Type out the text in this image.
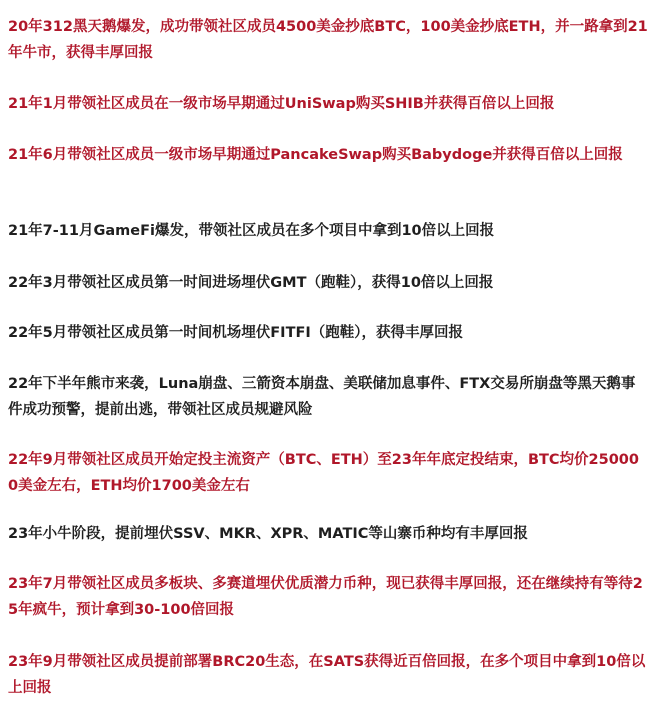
20年312黑天鹅爆发，成功带领社区成员4500美金抄底BTC，100美金抄底ETH，并一路拿到21年牛市，获得丰厚回报

21年1月带领社区成员在一级市场早期通过UniSwap购买SHIB并获得百倍以上回报

21年6月带领社区成员一级市场早期通过PancakeSwap购买Babydoge并获得百倍以上回报

21年7-11月GameFi爆发，带领社区成员在多个项目中拿到10倍以上回报

22年3月带领社区成员第一时间进场埋伏GMT（跑鞋），获得10倍以上回报

22年5月带领社区成员第一时间机场埋伏FITFI（跑鞋），获得丰厚回报

22年下半年熊市来袭，Luna崩盘、三箭资本崩盘、美联储加息事件、FTX交易所崩盘等黑天鹅事件成功预警，提前出逃，带领社区成员规避风险

22年9月带领社区成员开始定投主流资产（BTC、ETH）至23年年底定投结束，BTC均价250000美金左右，ETH均价1700美金左右

23年小牛阶段，提前埋伏SSV、MKR、XPR、MATIC等山寨币种均有丰厚回报

23年7月带领社区成员多板块、多赛道埋伏优质潜力币种，现已获得丰厚回报，还在继续持有等待25年疯牛，预计拿到30-100倍回报

23年9月带领社区成员提前部署BRC20生态，在SATS获得近百倍回报，在多个项目中拿到10倍以上回报
